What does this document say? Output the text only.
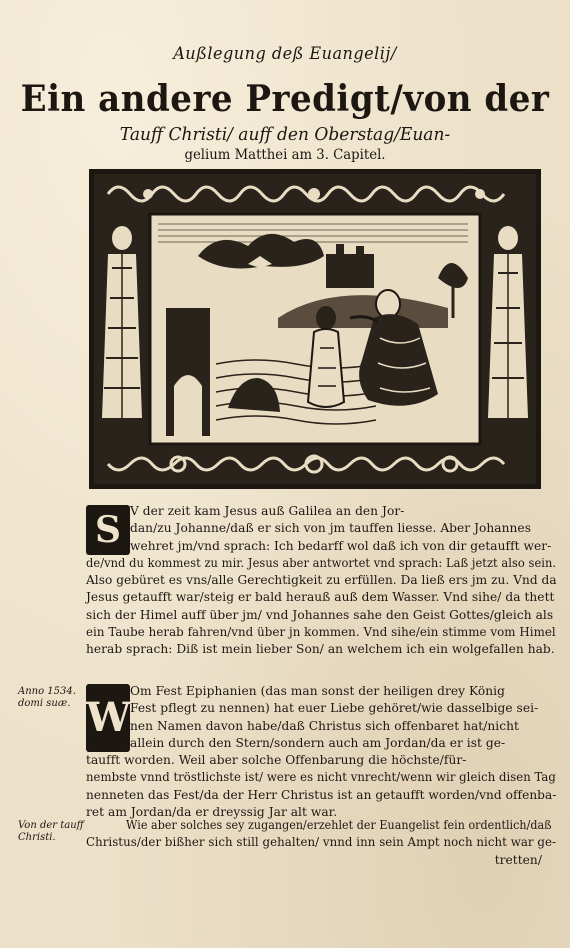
Außlegung deß Euangelij/
Ein andere Predigt/von der
Tauff Christi/ auff den Oberstag/Euan-
gelium Matthei am 3. Capitel.
S V der zeit kam Jesus auß Galilea an den Jor-
dan/zu Johanne/daß er sich von jm tauffen liesse. Aber Johannes
wehret jm/vnd sprach: Ich bedarff wol daß ich von dir getaufft wer-
de/vnd du kommest zu mir. Jesus aber antwortet vnd sprach: Laß jetzt also sein.
Also gebüret es vns/alle Gerechtigkeit zu erfüllen. Da ließ ers jm zu. Vnd da
Jesus getaufft war/steig er bald herauß auß dem Wasser. Vnd sihe/ da thett
sich der Himel auff über jm/ vnd Johannes sahe den Geist Gottes/gleich als
ein Taube herab fahren/vnd über jn kommen. Vnd sihe/ein stimme vom Himel
herab sprach: Diß ist mein lieber Son/ an welchem ich ein wolgefallen hab.
Anno 1534.
domi suæ. W
Om Fest Epiphanien (das man sonst der heiligen drey König
Fest pflegt zu nennen) hat euer Liebe gehöret/wie dasselbige sei-
nen Namen davon habe/daß Christus sich offenbaret hat/nicht
allein durch den Stern/sondern auch am Jordan/da er ist ge-
taufft worden. Weil aber solche Offenbarung die höchste/für-
nembste vnnd tröstlichste ist/ were es nicht vnrecht/wenn wir gleich disen Tag
nenneten das Fest/da der Herr Christus ist an getaufft worden/vnd offenba-
ret am Jordan/da er dreyssig Jar alt war.
Von der tauff
Christi.
Wie aber solches sey zugangen/erzehlet der Euangelist fein ordentlich/daß
Christus/der bißher sich still gehalten/ vnnd inn sein Ampt noch nicht war ge-
tretten/
